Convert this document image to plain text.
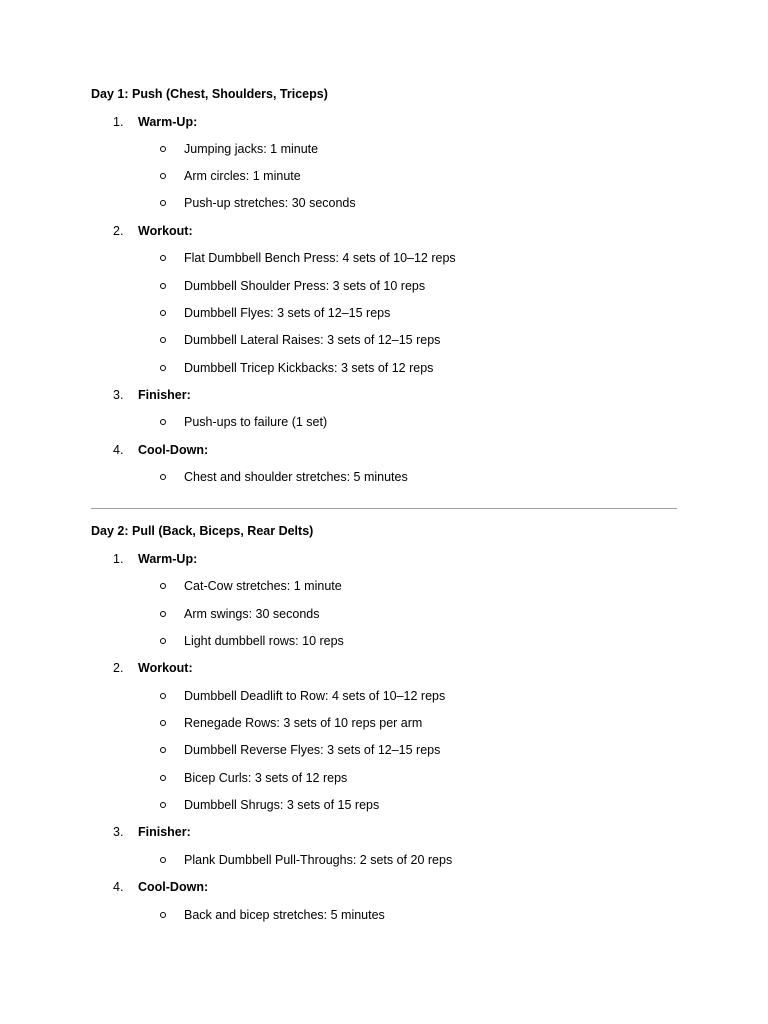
Day 1: Push (Chest, Shoulders, Triceps)
1. Warm-Up:
Jumping jacks: 1 minute
Arm circles: 1 minute
Push-up stretches: 30 seconds
2. Workout:
Flat Dumbbell Bench Press: 4 sets of 10–12 reps
Dumbbell Shoulder Press: 3 sets of 10 reps
Dumbbell Flyes: 3 sets of 12–15 reps
Dumbbell Lateral Raises: 3 sets of 12–15 reps
Dumbbell Tricep Kickbacks: 3 sets of 12 reps
3. Finisher:
Push-ups to failure (1 set)
4. Cool-Down:
Chest and shoulder stretches: 5 minutes
Day 2: Pull (Back, Biceps, Rear Delts)
1. Warm-Up:
Cat-Cow stretches: 1 minute
Arm swings: 30 seconds
Light dumbbell rows: 10 reps
2. Workout:
Dumbbell Deadlift to Row: 4 sets of 10–12 reps
Renegade Rows: 3 sets of 10 reps per arm
Dumbbell Reverse Flyes: 3 sets of 12–15 reps
Bicep Curls: 3 sets of 12 reps
Dumbbell Shrugs: 3 sets of 15 reps
3. Finisher:
Plank Dumbbell Pull-Throughs: 2 sets of 20 reps
4. Cool-Down:
Back and bicep stretches: 5 minutes
